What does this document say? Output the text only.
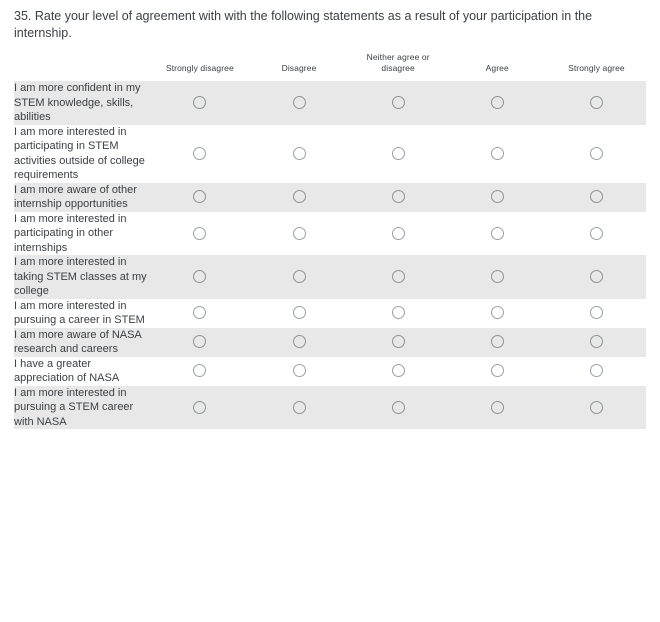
35. Rate your level of agreement with with the following statements as a result of your participation in the internship.

	Strongly disagree	Disagree	Neither agree or disagree	Agree	Strongly agree
I am more confident in my STEM knowledge, skills, abilities					
I am more interested in participating in STEM activities outside of college requirements					
I am more aware of other internship opportunities					
I am more interested in participating in other internships					
I am more interested in taking STEM classes at my college					
I am more interested in pursuing a career in STEM					
I am more aware of NASA research and careers					
I have a greater appreciation of NASA					
I am more interested in pursuing a STEM career with NASA					
